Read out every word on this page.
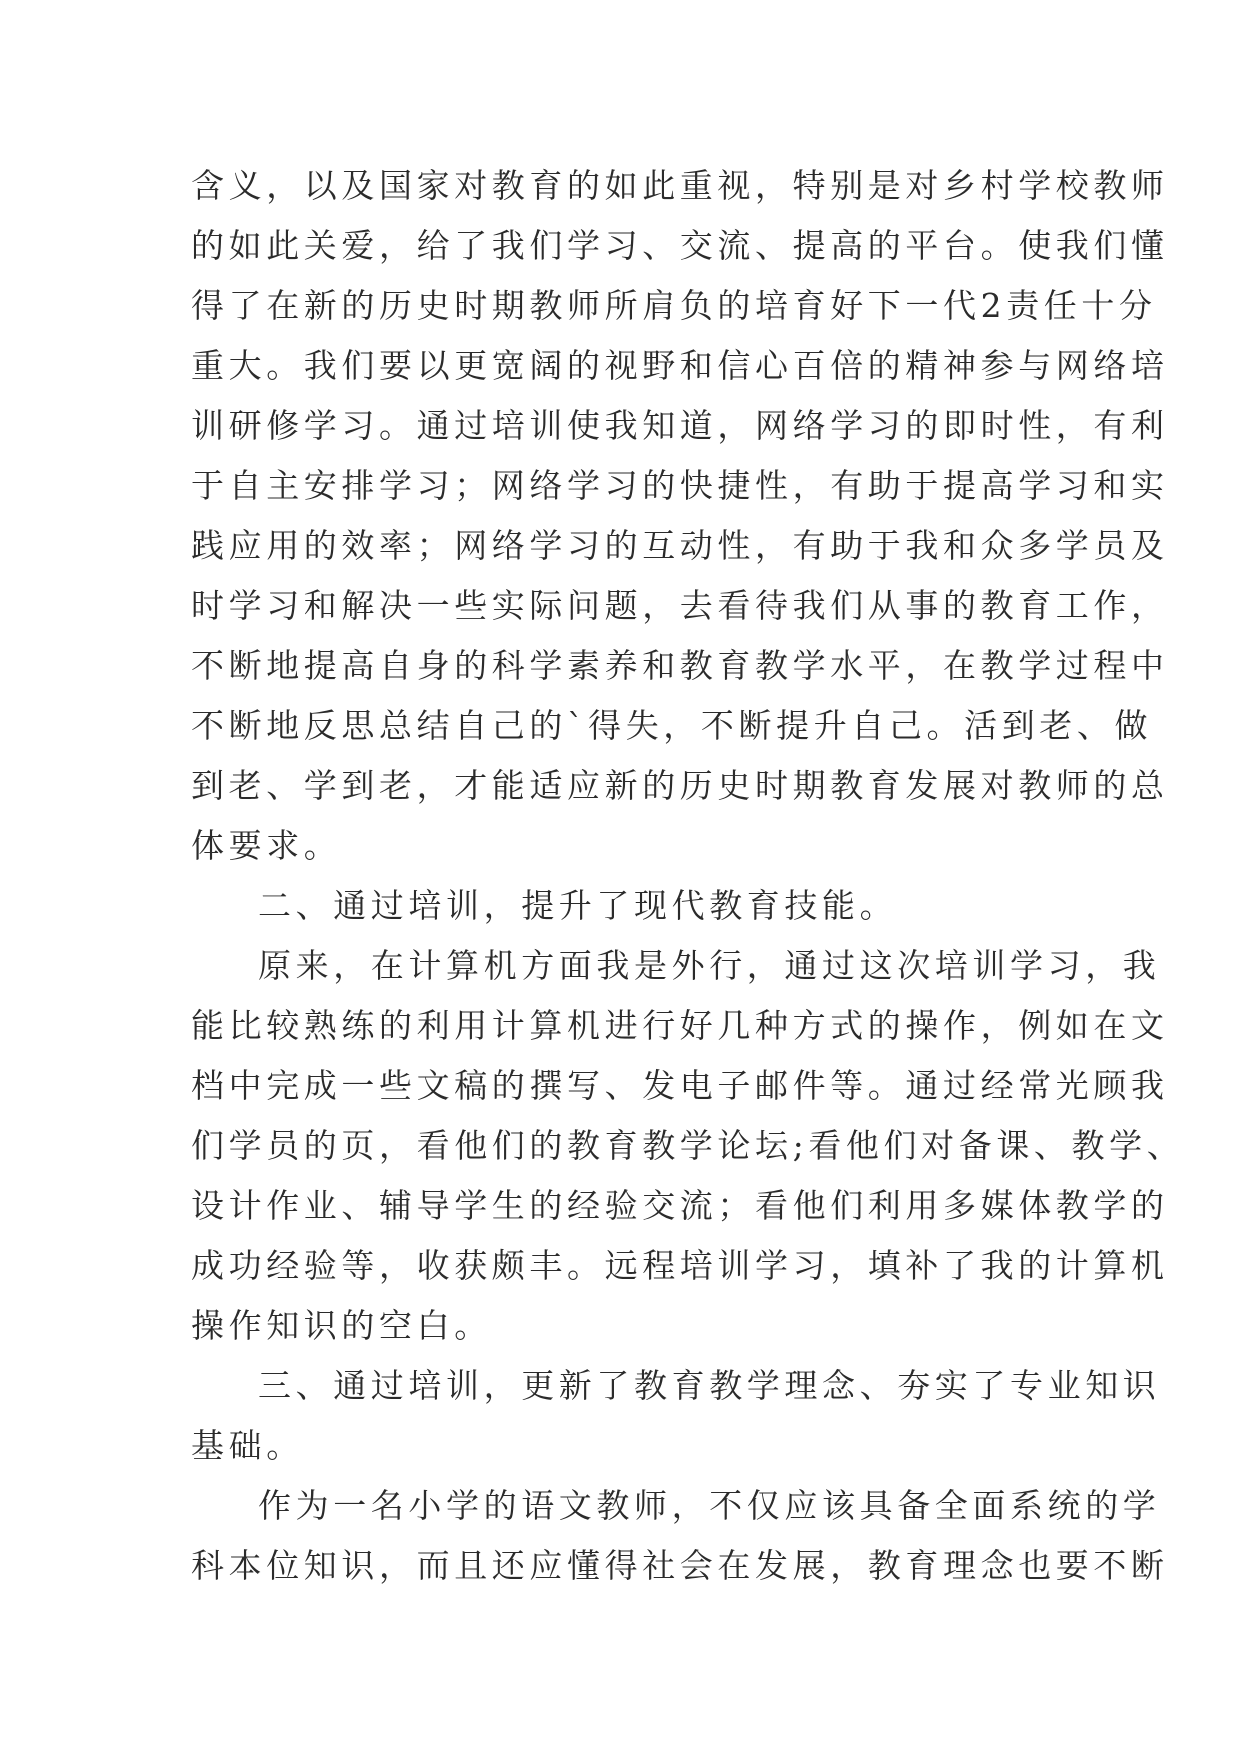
含义，以及国家对教育的如此重视，特别是对乡村学校教师
的如此关爱，给了我们学习、交流、提高的平台。使我们懂
得了在新的历史时期教师所肩负的培育好下一代2责任十分
重大。我们要以更宽阔的视野和信心百倍的精神参与网络培
训研修学习。通过培训使我知道，网络学习的即时性，有利
于自主安排学习；网络学习的快捷性，有助于提高学习和实
践应用的效率；网络学习的互动性，有助于我和众多学员及
时学习和解决一些实际问题，去看待我们从事的教育工作，
不断地提高自身的科学素养和教育教学水平，在教学过程中
不断地反思总结自己的`得失，不断提升自己。活到老、做
到老、学到老，才能适应新的历史时期教育发展对教师的总
体要求。
二、通过培训，提升了现代教育技能。
原来，在计算机方面我是外行，通过这次培训学习，我
能比较熟练的利用计算机进行好几种方式的操作，例如在文
档中完成一些文稿的撰写、发电子邮件等。通过经常光顾我
们学员的页，看他们的教育教学论坛;看他们对备课、教学、
设计作业、辅导学生的经验交流；看他们利用多媒体教学的
成功经验等，收获颇丰。远程培训学习，填补了我的计算机
操作知识的空白。
三、通过培训，更新了教育教学理念、夯实了专业知识
基础。
作为一名小学的语文教师，不仅应该具备全面系统的学
科本位知识，而且还应懂得社会在发展，教育理念也要不断
